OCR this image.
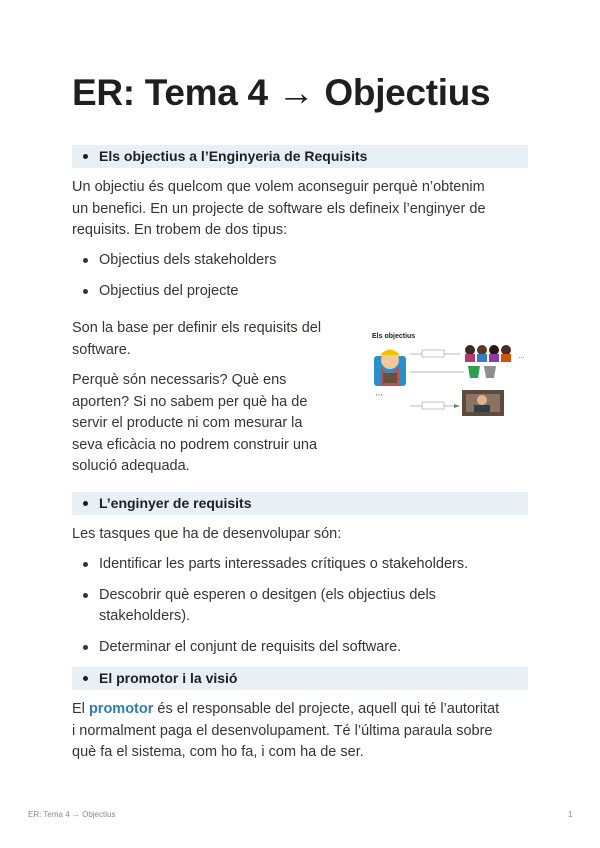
ER: Tema 4 → Objectius
Els objectius a l’Enginyeria de Requisits
Un objectiu és quelcom que volem aconseguir perquè n’obtenim
un benefici. En un projecte de software els defineix l’enginyer de
requisits. En trobem de dos tipus:
Objectius dels stakeholders
Objectius del projecte
Son la base per definir els requisits del
software.
Perquè són necessaris? Què ens
aporten? Si no sabem per què ha de
servir el producte ni com mesurar la
seva eficàcia no podrem construir una
solució adequada.
Els objectius
▪ ▪ ▪
…
L’enginyer de requisits
Les tasques que ha de desenvolupar són:
Identificar les parts interessades crítiques o stakeholders.
Descobrir què esperen o desitgen (els objectius dels
stakeholders).
Determinar el conjunt de requisits del software.
El promotor i la visió
El promotor és el responsable del projecte, aquell qui té l’autoritat
i normalment paga el desenvolupament. Té l’última paraula sobre
què fa el sistema, com ho fa, i com ha de ser.
ER: Tema 4 → Objectius	1
